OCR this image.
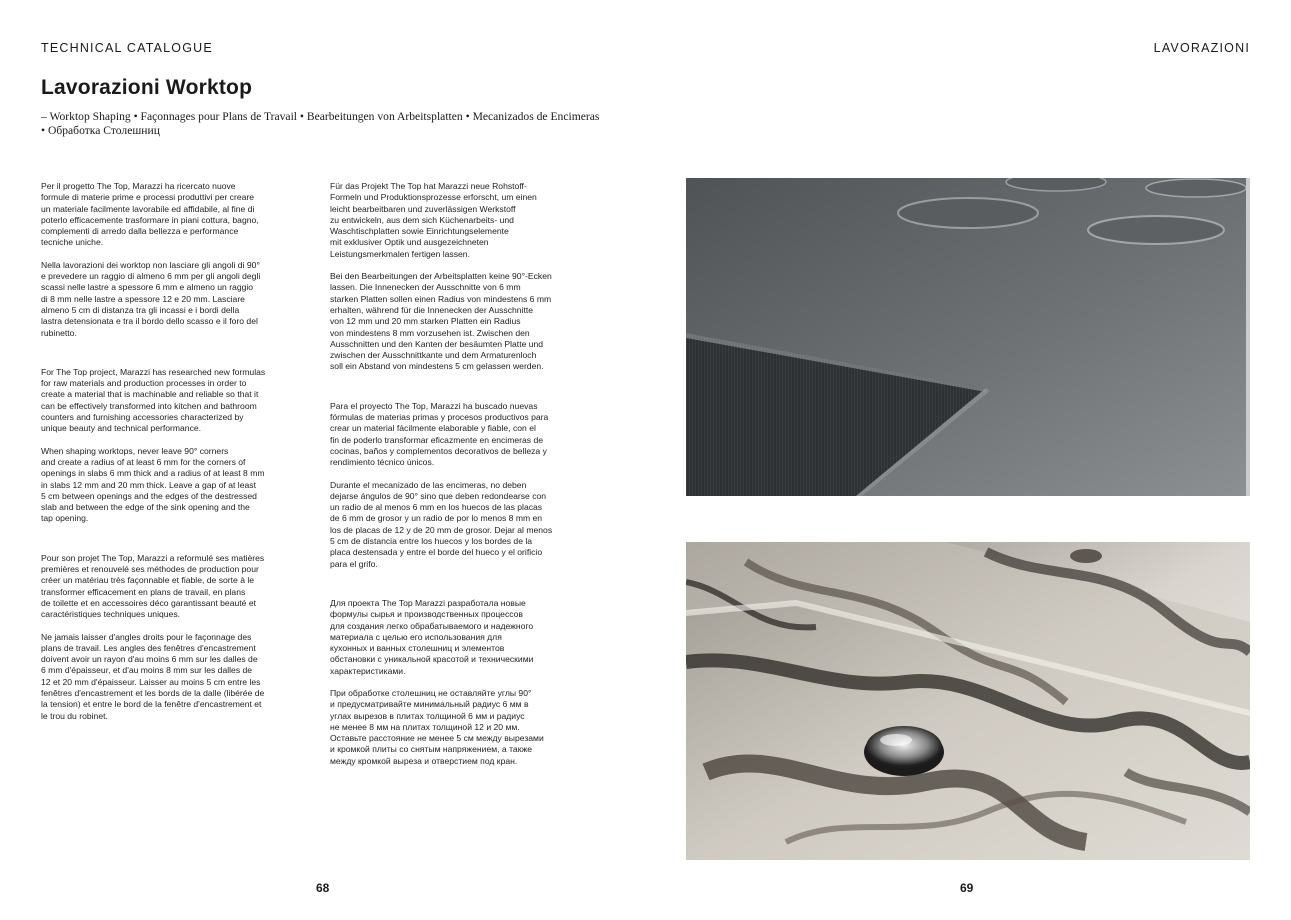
TECHNICAL CATALOGUE	LAVORAZIONI
Lavorazioni Worktop
– Worktop Shaping • Façonnages pour Plans de Travail • Bearbeitungen von Arbeitsplatten • Mecanizados de Encimeras • Обработка Столешниц

Per il progetto The Top, Marazzi ha ricercato nuove
formule di materie prime e processi produttivi per creare
un materiale facilmente lavorabile ed affidabile, al fine di
poterlo efficacemente trasformare in piani cottura, bagno,
complementi di arredo dalla bellezza e performance
tecniche uniche.

Nella lavorazioni dei worktop non lasciare gli angoli di 90°
e prevedere un raggio di almeno 6 mm per gli angoli degli
scassi nelle lastre a spessore 6 mm e almeno un raggio
di 8 mm nelle lastre a spessore 12 e 20 mm. Lasciare
almeno 5 cm di distanza tra gli incassi e i bordi della
lastra detensionata e tra il bordo dello scasso e il foro del
rubinetto.

For The Top project, Marazzi has researched new formulas
for raw materials and production processes in order to
create a material that is machinable and reliable so that it
can be effectively transformed into kitchen and bathroom
counters and furnishing accessories characterized by
unique beauty and technical performance.

When shaping worktops, never leave 90° corners
and create a radius of at least 6 mm for the corners of
openings in slabs 6 mm thick and a radius of at least 8 mm
in slabs 12 mm and 20 mm thick. Leave a gap of at least
5 cm between openings and the edges of the destressed
slab and between the edge of the sink opening and the
tap opening.

Pour son projet The Top, Marazzi a reformulé ses matières
premières et renouvelé ses méthodes de production pour
créer un matériau très façonnable et fiable, de sorte à le
transformer efficacement en plans de travail, en plans
de toilette et en accessoires déco garantissant beauté et
caractéristiques techniques uniques.

Ne jamais laisser d'angles droits pour le façonnage des
plans de travail. Les angles des fenêtres d'encastrement
doivent avoir un rayon d'au moins 6 mm sur les dalles de
6 mm d'épaisseur, et d'au moins 8 mm sur les dalles de
12 et 20 mm d'épaisseur. Laisser au moins 5 cm entre les
fenêtres d'encastrement et les bords de la dalle (libérée de
la tension) et entre le bord de la fenêtre d'encastrement et
le trou du robinet.

Für das Projekt The Top hat Marazzi neue Rohstoff-
Formeln und Produktionsprozesse erforscht, um einen
leicht bearbeitbaren und zuverlässigen Werkstoff
zu entwickeln, aus dem sich Küchenarbeits- und
Waschtischplatten sowie Einrichtungselemente
mit exklusiver Optik und ausgezeichneten
Leistungsmerkmalen fertigen lassen.

Bei den Bearbeitungen der Arbeitsplatten keine 90°-Ecken
lassen. Die Innenecken der Ausschnitte von 6 mm
starken Platten sollen einen Radius von mindestens 6 mm
erhalten, während für die Innenecken der Ausschnitte
von 12 mm und 20 mm starken Platten ein Radius
von mindestens 8 mm vorzusehen ist. Zwischen den
Ausschnitten und den Kanten der besäumten Platte und
zwischen der Ausschnittkante und dem Armaturenloch
soll ein Abstand von mindestens 5 cm gelassen werden.

Para el proyecto The Top, Marazzi ha buscado nuevas
fórmulas de materias primas y procesos productivos para
crear un material fácilmente elaborable y fiable, con el
fin de poderlo transformar eficazmente en encimeras de
cocinas, baños y complementos decorativos de belleza y
rendimiento técnico únicos.

Durante el mecanizado de las encimeras, no deben
dejarse ángulos de 90° sino que deben redondearse con
un radio de al menos 6 mm en los huecos de las placas
de 6 mm de grosor y un radio de por lo menos 8 mm en
los de placas de 12 y de 20 mm de grosor. Dejar al menos
5 cm de distancia entre los huecos y los bordes de la
placa destensada y entre el borde del hueco y el orificio
para el grifo.

Для проекта The Top Marazzi разработала новые
формулы сырья и производственных процессов
для создания легко обрабатываемого и надежного
материала с целью его использования для
кухонных и ванных столешниц и элементов
обстановки с уникальной красотой и техническими
характеристиками.

При обработке столешниц не оставляйте углы 90°
и предусматривайте минимальный радиус 6 мм в
углах вырезов в плитах толщиной 6 мм и радиус
не менее 8 мм на плитах толщиной 12 и 20 мм.
Оставьте расстояние не менее 5 см между вырезами
и кромкой плиты со снятым напряжением, а также
между кромкой выреза и отверстием под кран.

68	69
